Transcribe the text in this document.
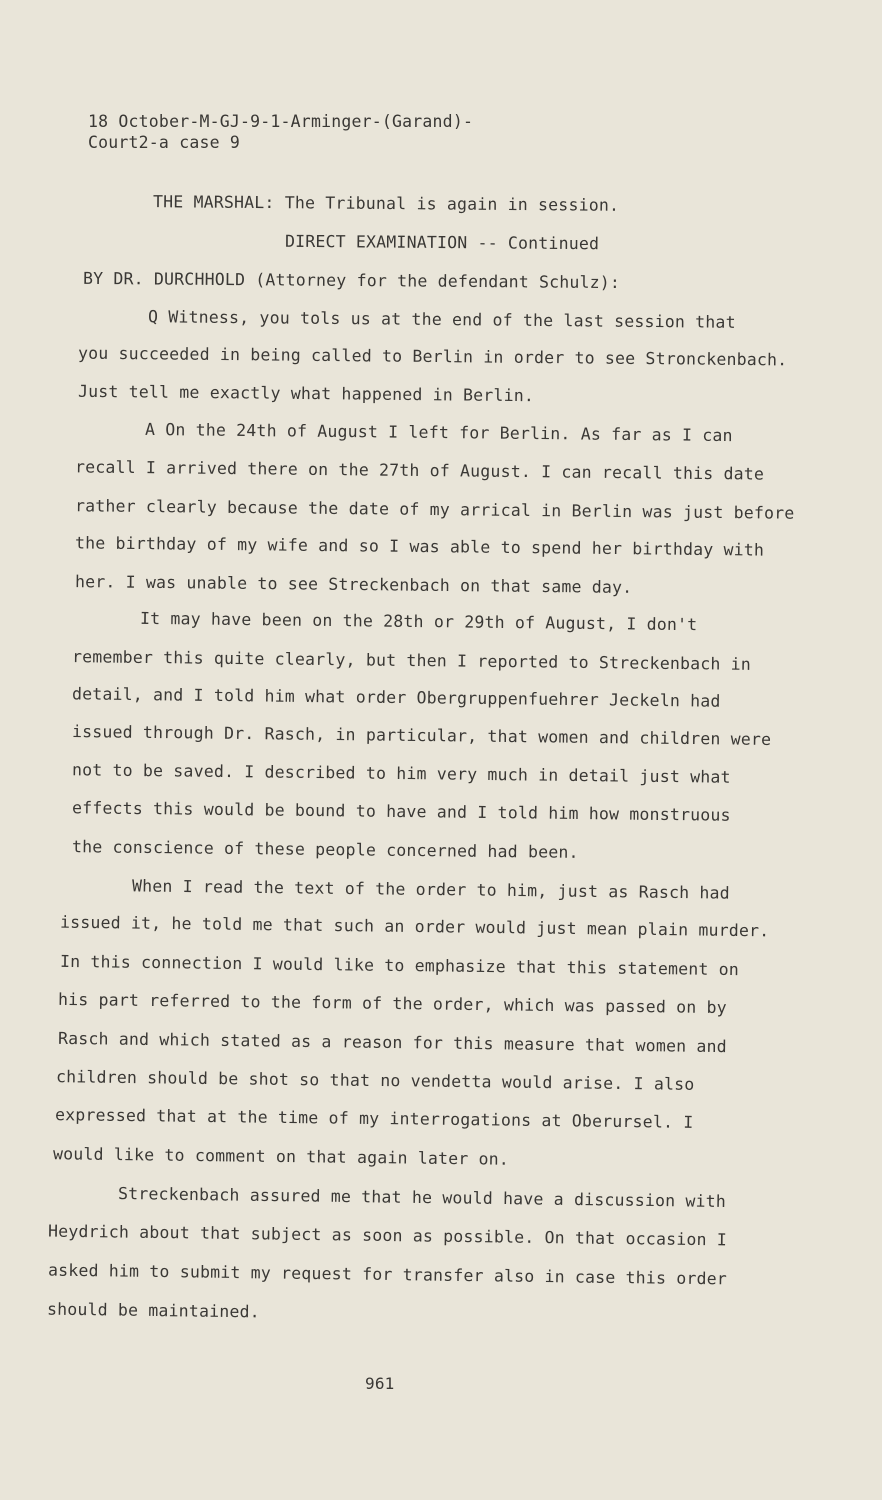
18 October-M-GJ-9-1-Arminger-(Garand)-
Court2-a case 9
THE MARSHAL: The Tribunal is again in session.
DIRECT EXAMINATION -- Continued
BY DR. DURCHHOLD (Attorney for the defendant Schulz):
Q Witness, you tols us at the end of the last session that
you succeeded in being called to Berlin in order to see Stronckenbach.
Just tell me exactly what happened in Berlin.
A On the 24th of August I left for Berlin. As far as I can
recall I arrived there on the 27th of August. I can recall this date
rather clearly because the date of my arrical in Berlin was just before
the birthday of my wife and so I was able to spend her birthday with
her. I was unable to see Streckenbach on that same day.
It may have been on the 28th or 29th of August, I don't
remember this quite clearly, but then I reported to Streckenbach in
detail, and I told him what order Obergruppenfuehrer Jeckeln had
issued through Dr. Rasch, in particular, that women and children were
not to be saved. I described to him very much in detail just what
effects this would be bound to have and I told him how monstruous
the conscience of these people concerned had been.
When I read the text of the order to him, just as Rasch had
issued it, he told me that such an order would just mean plain murder.
In this connection I would like to emphasize that this statement on
his part referred to the form of the order, which was passed on by
Rasch and which stated as a reason for this measure that women and
children should be shot so that no vendetta would arise. I also
expressed that at the time of my interrogations at Oberursel. I
would like to comment on that again later on.
Streckenbach assured me that he would have a discussion with
Heydrich about that subject as soon as possible. On that occasion I
asked him to submit my request for transfer also in case this order
should be maintained.
961
